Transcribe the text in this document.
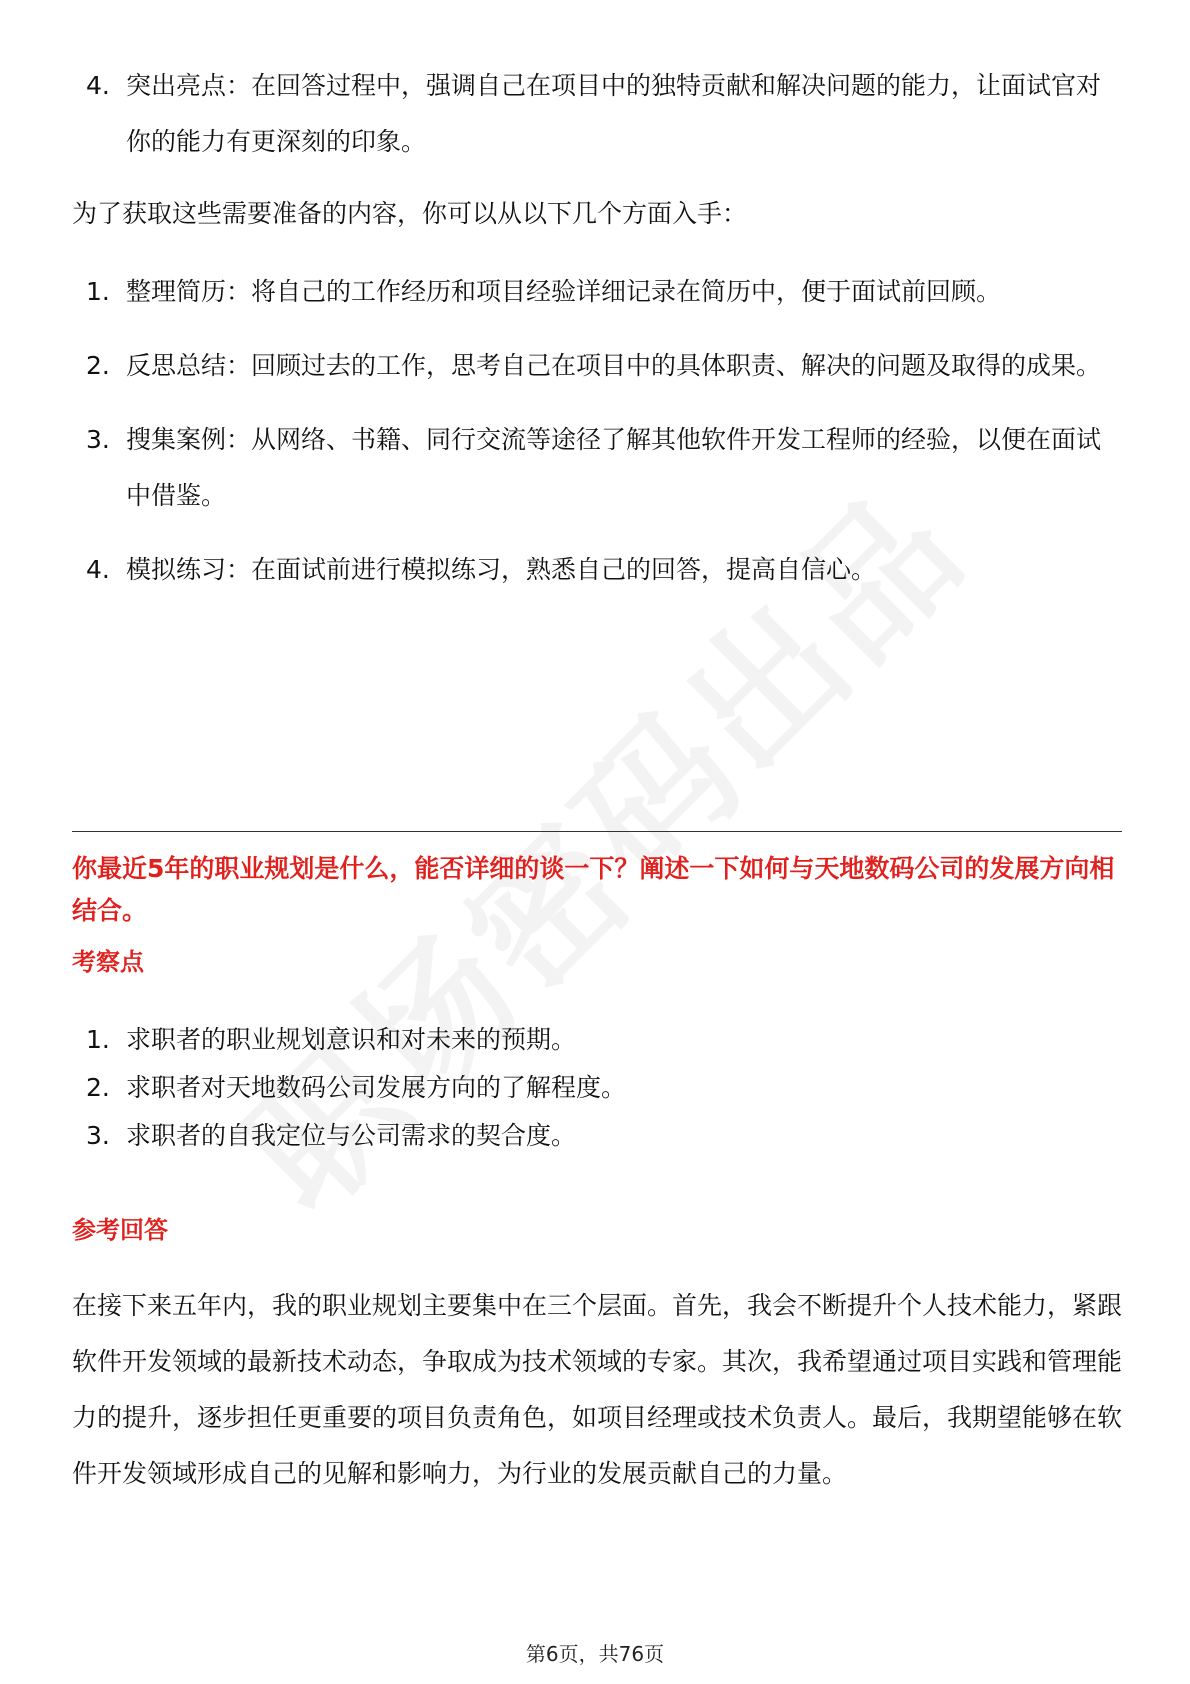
4. 突出亮点：在回答过程中，强调自己在项目中的独特贡献和解决问题的能力，让面试官对你的能力有更深刻的印象。

为了获取这些需要准备的内容，你可以从以下几个方面入手：

1. 整理简历：将自己的工作经历和项目经验详细记录在简历中，便于面试前回顾。
2. 反思总结：回顾过去的工作，思考自己在项目中的具体职责、解决的问题及取得的成果。
3. 搜集案例：从网络、书籍、同行交流等途径了解其他软件开发工程师的经验，以便在面试中借鉴。
4. 模拟练习：在面试前进行模拟练习，熟悉自己的回答，提高自信心。

你最近5年的职业规划是什么，能否详细的谈一下？阐述一下如何与天地数码公司的发展方向相结合。

考察点
1. 求职者的职业规划意识和对未来的预期。
2. 求职者对天地数码公司发展方向的了解程度。
3. 求职者的自我定位与公司需求的契合度。
参考回答

在接下来五年内，我的职业规划主要集中在三个层面。首先，我会不断提升个人技术能力，紧跟软件开发领域的最新技术动态，争取成为技术领域的专家。其次，我希望通过项目实践和管理能力的提升，逐步担任更重要的项目负责角色，如项目经理或技术负责人。最后，我期望能够在软件开发领域形成自己的见解和影响力，为行业的发展贡献自己的力量。

第6页，共76页
